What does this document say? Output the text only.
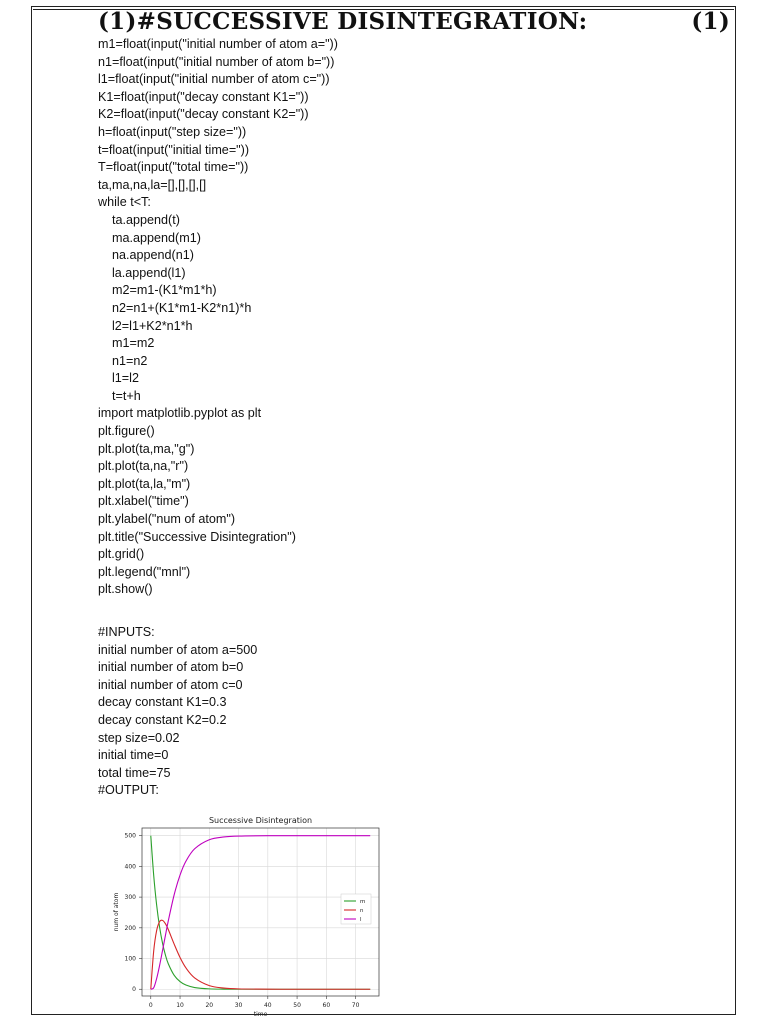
(1)#SUCCESSIVE DISINTEGRATION:	(1)
m1=float(input("initial number of atom a="))
n1=float(input("initial number of atom b="))
l1=float(input("initial number of atom c="))
K1=float(input("decay constant K1="))
K2=float(input("decay constant K2="))
h=float(input("step size="))
t=float(input("initial time="))
T=float(input("total time="))
ta,ma,na,la=[],[],[],[]
while t<T:
ta.append(t)
ma.append(m1)
na.append(n1)
la.append(l1)
m2=m1-(K1*m1*h)
n2=n1+(K1*m1-K2*n1)*h
l2=l1+K2*n1*h
m1=m2
n1=n2
l1=l2
t=t+h
import matplotlib.pyplot as plt
plt.figure()
plt.plot(ta,ma,"g")
plt.plot(ta,na,"r")
plt.plot(ta,la,"m")
plt.xlabel("time")
plt.ylabel("num of atom")
plt.title("Successive Disintegration")
plt.grid()
plt.legend("mnl")
plt.show()
#INPUTS:
initial number of atom a=500
initial number of atom b=0
initial number of atom c=0
decay constant K1=0.3
decay constant K2=0.2
step size=0.02
initial time=0
total time=75
#OUTPUT:
0	10	20	30	40	50	60	70
0
100
200
300
400
500
Successive Disintegration
time
num of atom	m
n
l
